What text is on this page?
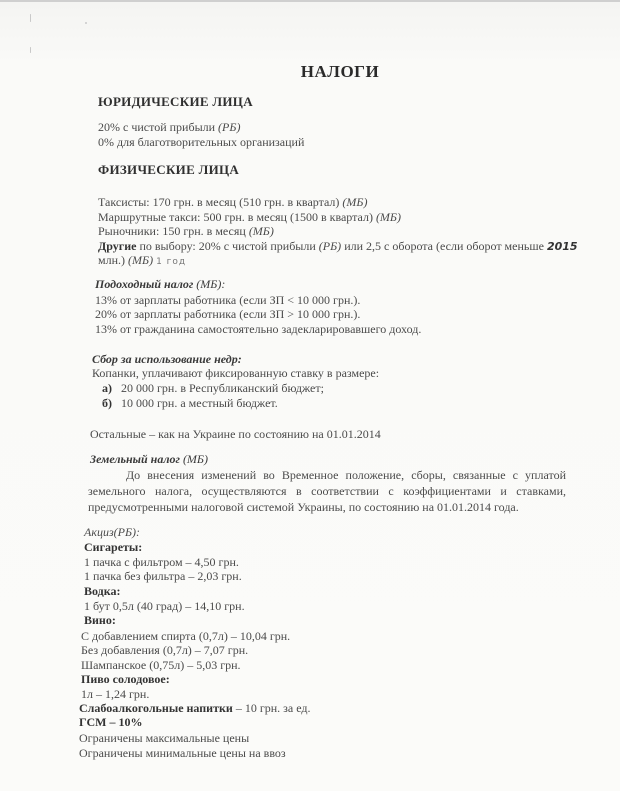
НАЛОГИ
ЮРИДИЧЕСКИЕ ЛИЦА
20% с чистой прибыли (РБ)
0% для благотворительных организаций
ФИЗИЧЕСКИЕ ЛИЦА
Таксисты: 170 грн. в месяц (510 грн. в квартал) (МБ)
Маршрутные такси: 500 грн. в месяц (1500 в квартал) (МБ)
Рыночники: 150 грн. в месяц (МБ)
Другие по выбору: 20% с чистой прибыли (РБ) или 2,5 с оборота (если оборот меньше 2015
млн.) (МБ) 1 год
Подоходный налог (МБ):
13% от зарплаты работника (если ЗП < 10 000 грн.).
20% от зарплаты работника (если ЗП > 10 000 грн.).
13% от гражданина самостоятельно задекларировавшего доход.
Сбор за использование недр:
Копанки, уплачивают фиксированную ставку в размере:
а) 20 000 грн. в Республиканский бюджет;
б) 10 000 грн. а местный бюджет.
Остальные – как на Украине по состоянию на 01.01.2014
Земельный налог (МБ)
До внесения изменений во Временное положение, сборы, связанные с уплатой земельного налога, осуществляются в соответствии с коэффициентами и ставками, предусмотренными налоговой системой Украины, по состоянию на 01.01.2014 года.
Акциз(РБ):
Сигареты:
1 пачка с фильтром – 4,50 грн.
1 пачка без фильтра – 2,03 грн.
Водка:
1 бут 0,5л (40 град) – 14,10 грн.
Вино:
С добавлением спирта (0,7л) – 10,04 грн.
Без добавления (0,7л) – 7,07 грн.
Шампанское (0,75л) – 5,03 грн.
Пиво солодовое:
1л – 1,24 грн.
Слабоалкогольные напитки – 10 грн. за ед.
ГСМ – 10%
Ограничены максимальные цены
Ограничены минимальные цены на ввоз
